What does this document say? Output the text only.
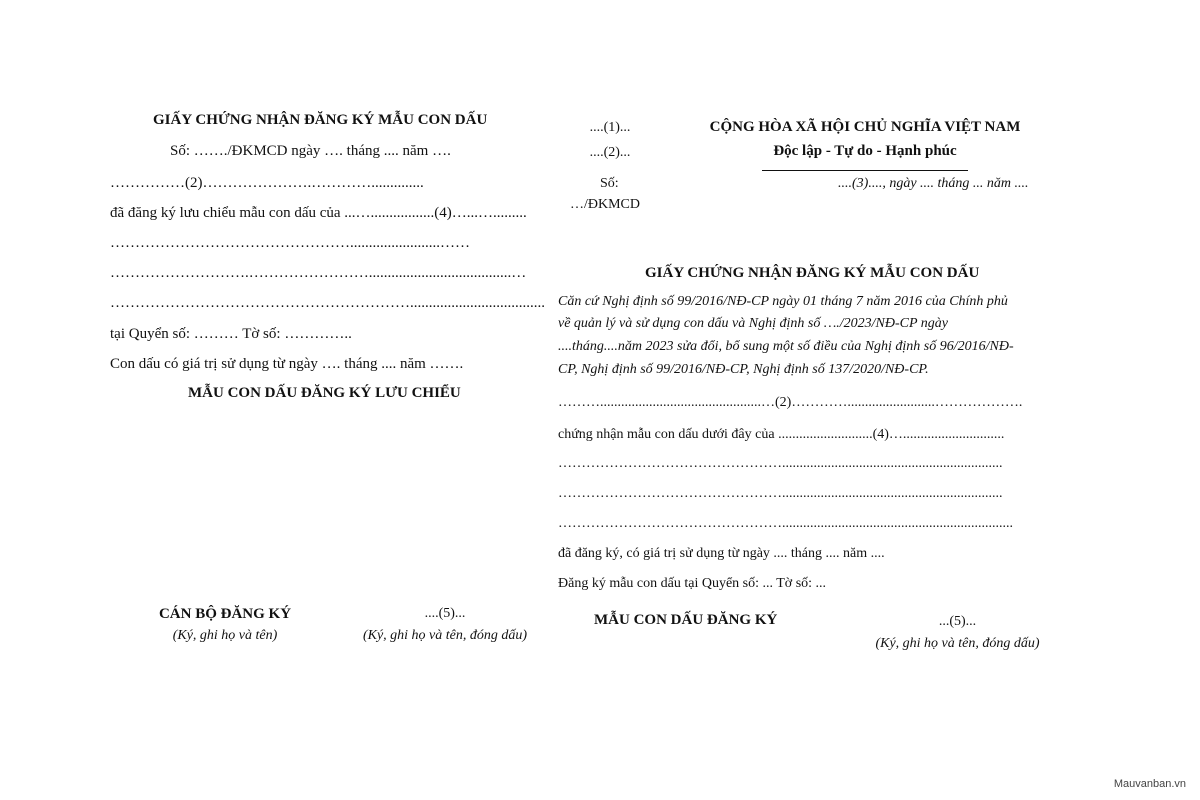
GIẤY CHỨNG NHẬN ĐĂNG KÝ MẪU CON DẤU
Số: ……./ĐKMCD ngày …. tháng .... năm ….
……………(2)………………….…………..............
đã đăng ký lưu chiểu mẫu con dấu của ...….................(4)…...….........
…………………………………………........................……
……………………….……………………......................................…
……………………………………………………....................................
tại Quyển số: ……… Tờ số: …………..
Con dấu có giá trị sử dụng từ ngày …. tháng .... năm …….
MẪU CON DẤU ĐĂNG KÝ LƯU CHIỂU
CÁN BỘ ĐĂNG KÝ
(Ký, ghi họ và tên)
....(5)...
(Ký, ghi họ và tên, đóng dấu)
....(1)...
....(2)...
Số:
…/ĐKMCD
CỘNG HÒA XÃ HỘI CHỦ NGHĨA VIỆT NAM
Độc lập - Tự do - Hạnh phúc
....(3)...., ngày .... tháng ... năm ....
GIẤY CHỨNG NHẬN ĐĂNG KÝ MẪU CON DẤU
Căn cứ Nghị định số 99/2016/NĐ-CP ngày 01 tháng 7 năm 2016 của Chính phủ
về quản lý và sử dụng con dấu và Nghị định số …./2023/NĐ-CP ngày
....tháng....năm 2023 sửa đổi, bổ sung một số điều của Nghị định số 96/2016/NĐ-
CP, Nghị định số 99/2016/NĐ-CP, Nghị định số 137/2020/NĐ-CP.
………..............................................…(2)………….........................……………….
chứng nhận mẫu con dấu dưới đây của ...........................(4)….............................
…………………………………………...............................................................
…………………………………………...............................................................
…………………………………………..................................................................
đã đăng ký, có giá trị sử dụng từ ngày .... tháng .... năm ....
Đăng ký mẫu con dấu tại Quyển số: ... Tờ số: ...
MẪU CON DẤU ĐĂNG KÝ	...(5)...
(Ký, ghi họ và tên, đóng dấu)
Mauvanban.vn
